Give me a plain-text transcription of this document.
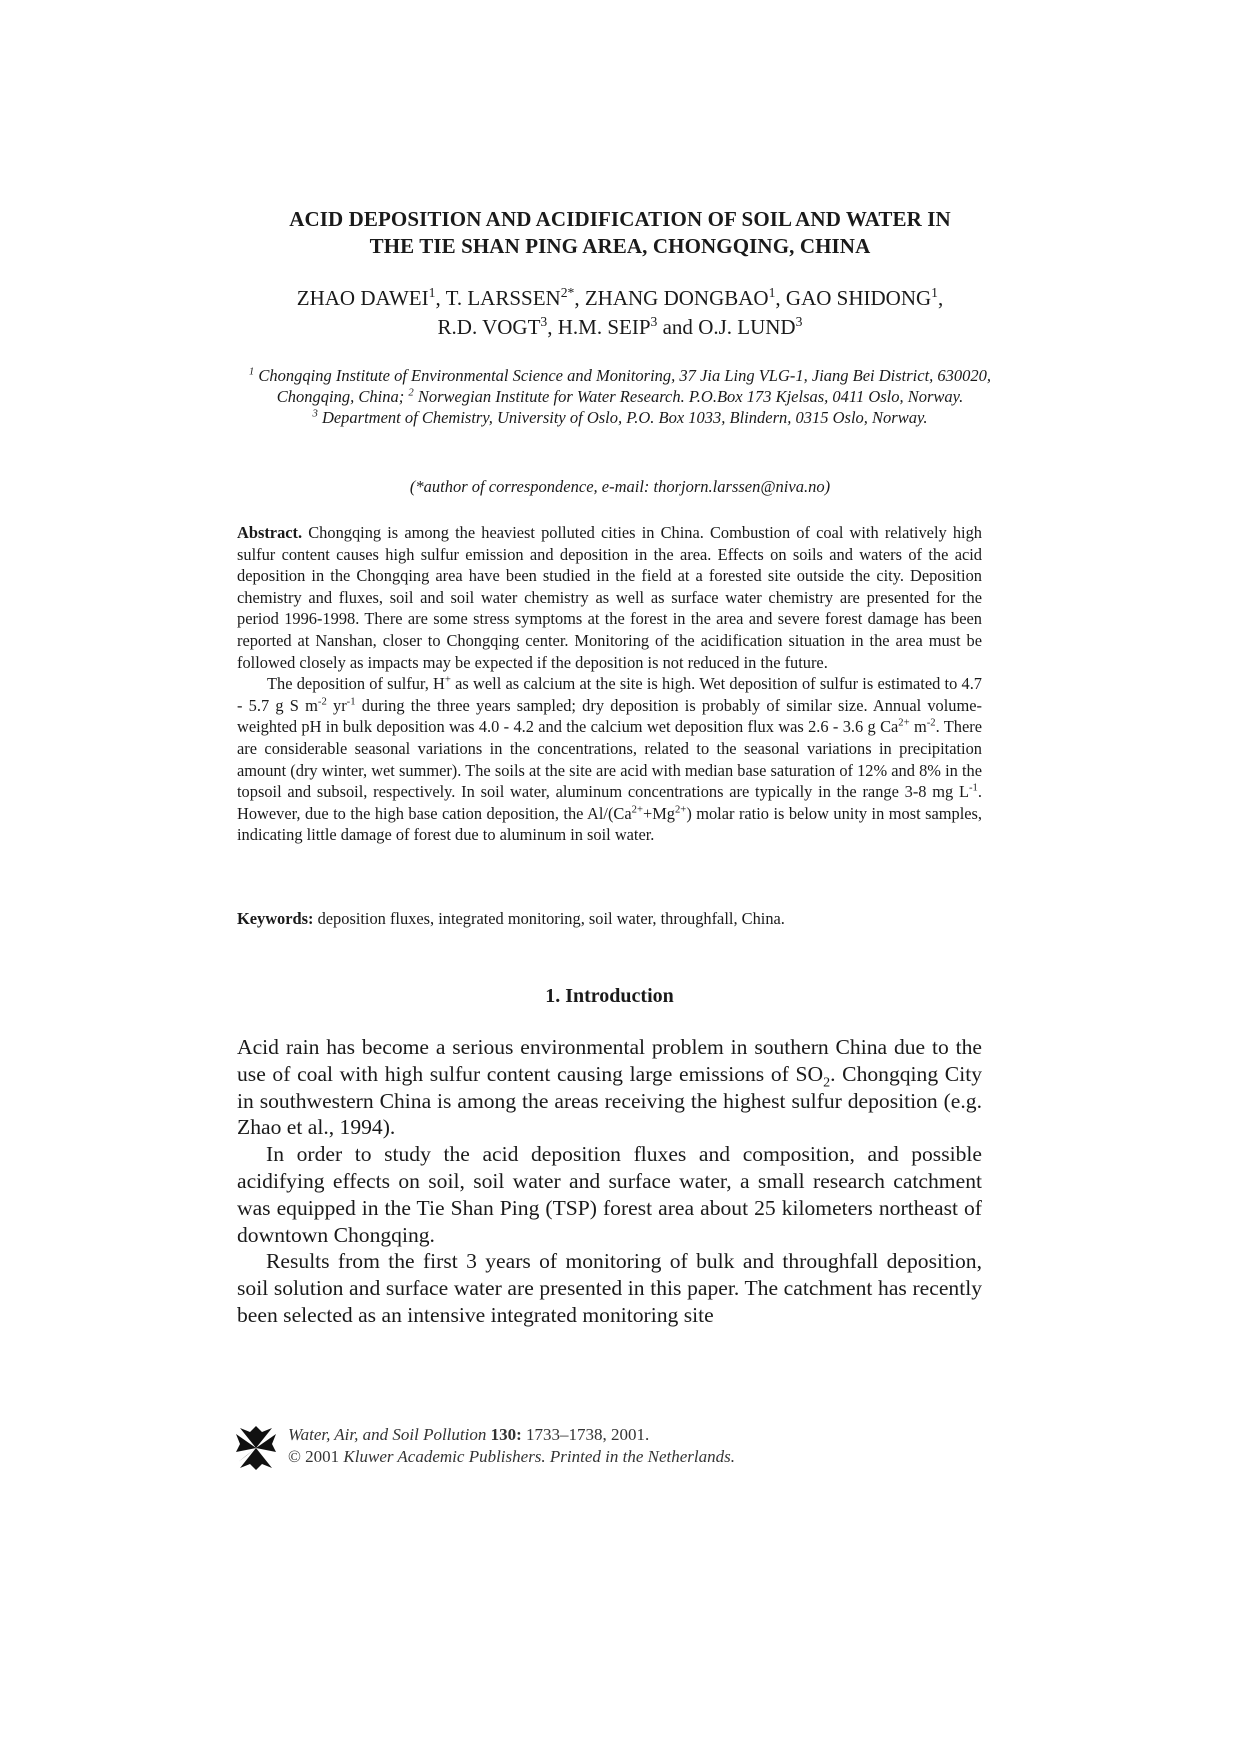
ACID DEPOSITION AND ACIDIFICATION OF SOIL AND WATER IN
THE TIE SHAN PING AREA, CHONGQING, CHINA
ZHAO DAWEI$^1$, T. $LARSSEN^{2*}$, ZHANG DONGBAO$^1$, GAO SHIDONG$^1$,
R.D. VOGT$^3$, H.M. SEIP$^3$ and O.J. LUND$^3$
$^1$ Chongqing Institute of Environmental Science and Monitoring, 37 Jia Ling VLG-1, Jiang Bei District, 630020, Chongqing, China; $^2$ Norwegian Institute for Water Research. P.O.Box 173 Kjelsas, 0411 Oslo, Norway. $^3$ Department of Chemistry, University of Oslo, P.O. Box 1033, Blindern, 0315 Oslo, Norway.
(*author of correspondence, e-mail: thorjorn.larssen@niva.no)

Abstract. Chongqing is among the heaviest polluted cities in China. Combustion of coal with relatively high sulfur content causes high sulfur emission and deposition in the area. Effects on soils and waters of the acid deposition in the Chongqing area have been studied in the field at a forested site outside the city. Deposition chemistry and fluxes, soil and soil water chemistry as well as surface water chemistry are presented for the period 1996-1998. There are some stress symptoms at the forest in the area and severe forest damage has been reported at Nanshan, closer to Chongqing center. Monitoring of the acidification situation in the area must be followed closely as impacts may be expected if the deposition is not reduced in the future.

The deposition of sulfur, H+ as well as calcium at the site is high. Wet deposition of sulfur is estimated to 4.7 - 5.7 g S $m^{-2}$ $yr^{-1}$ during the three years sampled; dry deposition is probably of similar size. Annual volume-weighted pH in bulk deposition was 4.0 - 4.2 and the calcium wet deposition flux was 2.6 - 3.6 g $Ca^{2+}$ $m^{-2}$. There are considerable seasonal variations in the concentrations, related to the seasonal variations in precipitation amount (dry winter, wet summer). The soils at the site are acid with median base saturation of 12% and 8% in the topsoil and subsoil, respectively. In soil water, aluminum concentrations are typically in the range 3-8 mg $L^{-1}$. However, due to the high base cation deposition, the $Al/(Ca^{2+}+Mg^{2+})$ molar ratio is below unity in most samples, indicating little damage of forest due to aluminum in soil water.

Keywords: deposition fluxes, integrated monitoring, soil water, throughfall, China.
1. Introduction

Acid rain has become a serious environmental problem in southern China due to the use of coal with high sulfur content causing large emissions of $SO_2$. Chongqing City in southwestern China is among the areas receiving the highest sulfur deposition (e.g. Zhao et al., 1994).

In order to study the acid deposition fluxes and composition, and possible acidifying effects on soil, soil water and surface water, a small research catchment was equipped in the Tie Shan Ping (TSP) forest area about 25 kilometers northeast of downtown Chongqing.

Results from the first 3 years of monitoring of bulk and throughfall deposition, soil solution and surface water are presented in this paper. The catchment has recently been selected as an intensive integrated monitoring site

Water, Air, and Soil Pollution 130: 1733–1738, 2001.
© 2001 Kluwer Academic Publishers. Printed in the Netherlands.
